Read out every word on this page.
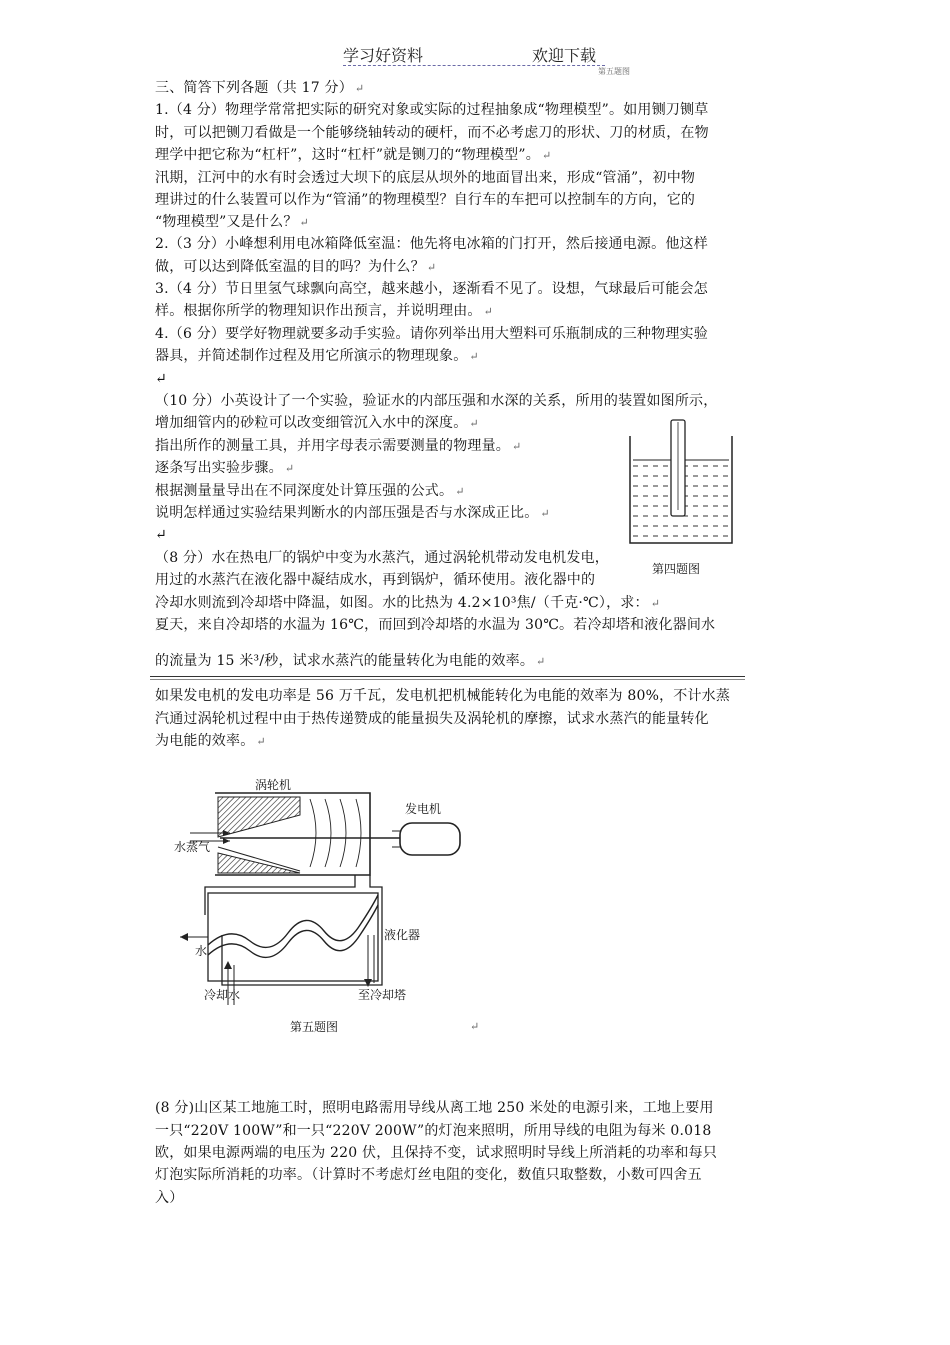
学习好资料	欢迎下载
第五题图
三、简答下列各题（共 17 分） ↵
1.（4 分）物理学常常把实际的研究对象或实际的过程抽象成“物理模型”。如用铡刀铡草
时，可以把铡刀看做是一个能够绕轴转动的硬杆，而不必考虑刀的形状、刀的材质，在物
理学中把它称为“杠杆”，这时“杠杆”就是铡刀的“物理模型”。 ↵
汛期，江河中的水有时会透过大坝下的底层从坝外的地面冒出来，形成“管涌”，初中物
理讲过的什么装置可以作为“管涌”的物理模型？自行车的车把可以控制车的方向，它的
“物理模型”又是什么？ ↵
2.（3 分）小峰想利用电冰箱降低室温：他先将电冰箱的门打开，然后接通电源。他这样
做，可以达到降低室温的目的吗？为什么？ ↵
3.（4 分）节日里氢气球飘向高空，越来越小，逐渐看不见了。设想，气球最后可能会怎
样。根据你所学的物理知识作出预言，并说明理由。 ↵
4.（6 分）要学好物理就要多动手实验。请你列举出用大塑料可乐瓶制成的三种物理实验
器具，并简述制作过程及用它所演示的物理现象。 ↵
↵
（10 分）小英设计了一个实验，验证水的内部压强和水深的关系，所用的装置如图所示，
增加细管内的砂粒可以改变细管沉入水中的深度。 ↵
指出所作的测量工具，并用字母表示需要测量的物理量。 ↵
逐条写出实验步骤。 ↵
根据测量量导出在不同深度处计算压强的公式。 ↵
说明怎样通过实验结果判断水的内部压强是否与水深成正比。 ↵
↵
第四题图
（8 分）水在热电厂的锅炉中变为水蒸汽，通过涡轮机带动发电机发电，
用过的水蒸汽在液化器中凝结成水，再到锅炉，循环使用。液化器中的
冷却水则流到冷却塔中降温，如图。水的比热为 4.2×10³焦/（千克·℃），求： ↵
夏天，来自冷却塔的水温为 16℃，而回到冷却塔的水温为 30℃。若冷却塔和液化器间水
的流量为 15 米³/秒，试求水蒸汽的能量转化为电能的效率。 ↵
如果发电机的发电功率是 56 万千瓦，发电机把机械能转化为电能的效率为 80%，不计水蒸
汽通过涡轮机过程中由于热传递赞成的能量损失及涡轮机的摩擦，试求水蒸汽的能量转化
为电能的效率。 ↵
涡轮机
发电机
水蒸气
液化器
水
冷却水	至冷却塔
第五题图	↵
(8 分)山区某工地施工时，照明电路需用导线从离工地 250 米处的电源引来，工地上要用
一只“220V 100W”和一只“220V 200W”的灯泡来照明，所用导线的电阻为每米 0.018
欧，如果电源两端的电压为 220 伏，且保持不变，试求照明时导线上所消耗的功率和每只
灯泡实际所消耗的功率。（计算时不考虑灯丝电阻的变化，数值只取整数，小数可四舍五
入）
